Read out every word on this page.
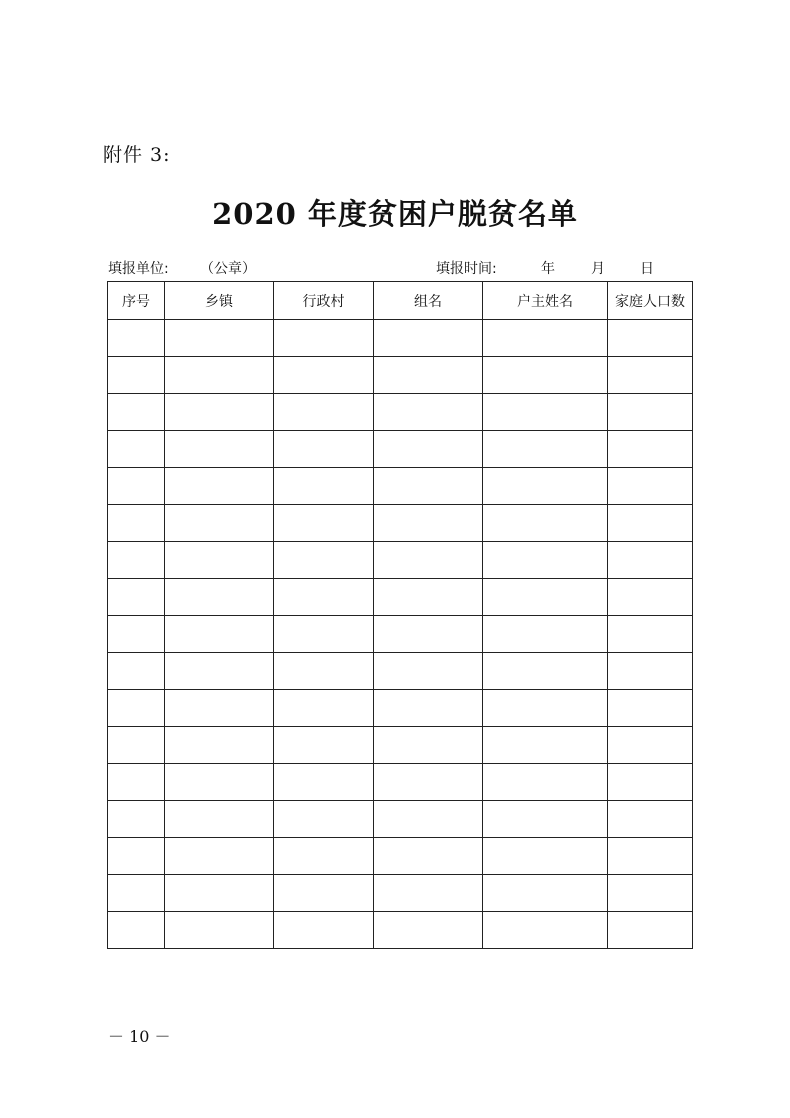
附件 3:
2020 年度贫困户脱贫名单
填报单位: （公章）	填报时间:	年	月	日
序号	乡镇	行政村	组名	户主姓名	家庭人口数

－ 10 －
